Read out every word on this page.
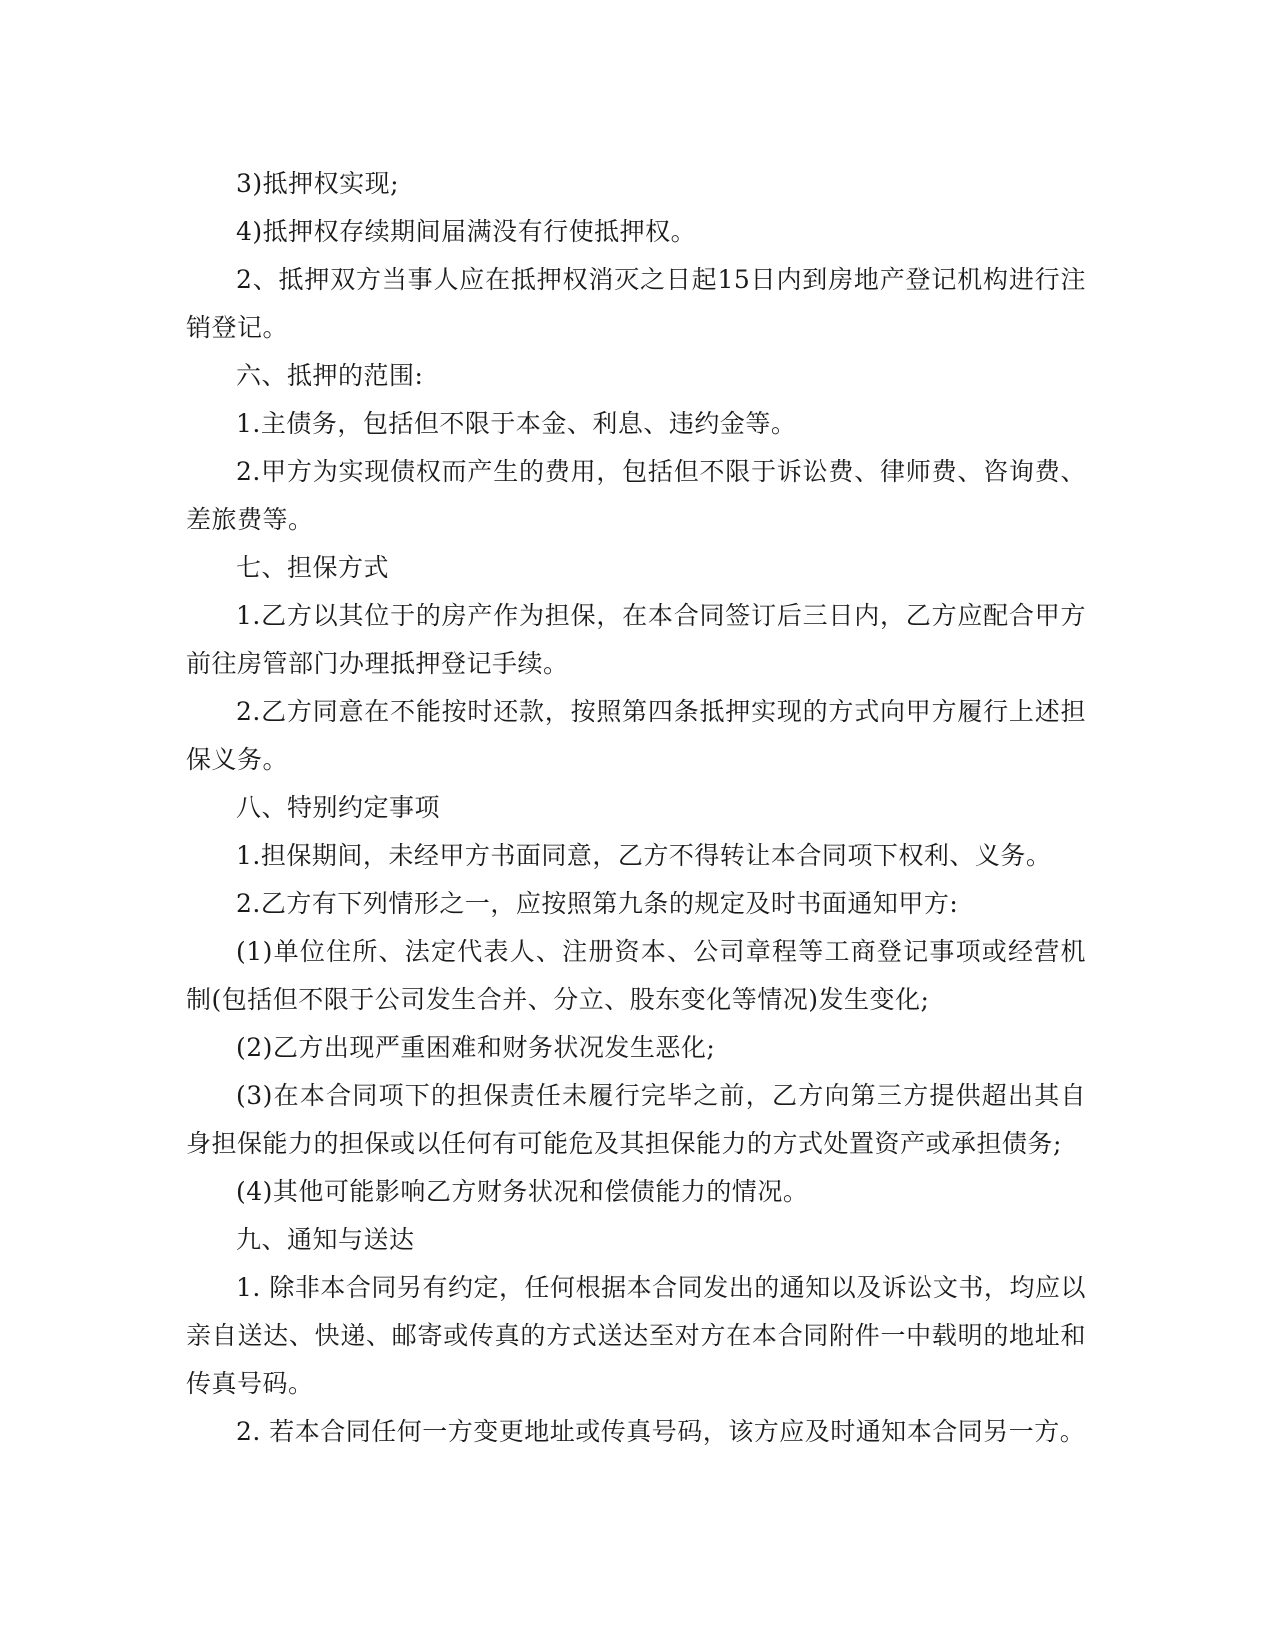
3)抵押权实现;

4)抵押权存续期间届满没有行使抵押权。

2、抵押双方当事人应在抵押权消灭之日起15日内到房地产登记机构进行注销登记。

六、抵押的范围:

1.主债务，包括但不限于本金、利息、违约金等。

2.甲方为实现债权而产生的费用，包括但不限于诉讼费、律师费、咨询费、差旅费等。

七、担保方式

1.乙方以其位于的房产作为担保，在本合同签订后三日内，乙方应配合甲方前往房管部门办理抵押登记手续。

2.乙方同意在不能按时还款，按照第四条抵押实现的方式向甲方履行上述担保义务。

八、特别约定事项

1.担保期间，未经甲方书面同意，乙方不得转让本合同项下权利、义务。

2.乙方有下列情形之一，应按照第九条的规定及时书面通知甲方:

(1)单位住所、法定代表人、注册资本、公司章程等工商登记事项或经营机制(包括但不限于公司发生合并、分立、股东变化等情况)发生变化;

(2)乙方出现严重困难和财务状况发生恶化;

(3)在本合同项下的担保责任未履行完毕之前，乙方向第三方提供超出其自身担保能力的担保或以任何有可能危及其担保能力的方式处置资产或承担债务;

(4)其他可能影响乙方财务状况和偿债能力的情况。

九、通知与送达

1. 除非本合同另有约定，任何根据本合同发出的通知以及诉讼文书，均应以亲自送达、快递、邮寄或传真的方式送达至对方在本合同附件一中载明的地址和传真号码。

2. 若本合同任何一方变更地址或传真号码，该方应及时通知本合同另一方。
